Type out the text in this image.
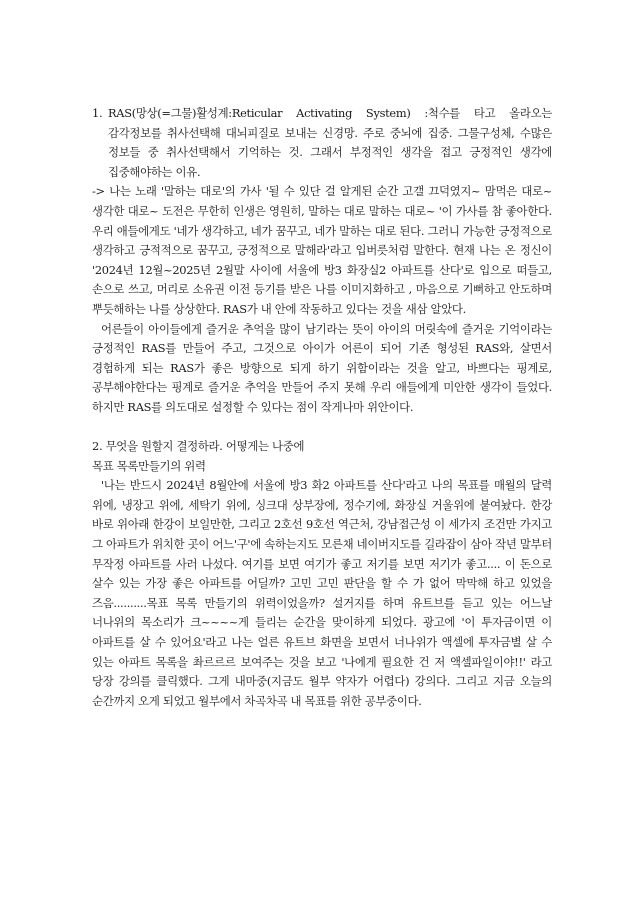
1. RAS(망상(=그물)활성계:Reticular Activating System) :척수를 타고 올라오는 감각정보를 취사선택해 대뇌피질로 보내는 신경망. 주로 중뇌에 집중. 그물구성체, 수많은 정보들 중 취사선택해서 기억하는 것. 그래서 부정적인 생각을 접고 긍정적인 생각에 집중해야하는 이유.

-> 나는 노래 '말하는 대로'의 가사 '될 수 있단 걸 알게된 순간 고갤 끄덕였지~ 맘먹은 대로~ 생각한 대로~ 도전은 무한히 인생은 영원히, 말하는 대로 말하는 대로~ '이 가사를 참 좋아한다. 우리 애들에게도 '네가 생각하고, 네가 꿈꾸고, 네가 말하는 대로 된다. 그러니 가능한 긍정적으로 생각하고 긍적적으로 꿈꾸고, 긍정적으로 말해라'라고 입버릇처럼 말한다. 현재 나는 온 정신이 '2024년 12월~2025년 2월말 사이에 서울에 방3 화장실2 아파트를 산다'로 입으로 떠들고, 손으로 쓰고, 머리로 소유권 이전 등기를 받은 나를 이미지화하고 , 마음으로 기뻐하고 안도하며 뿌듯해하는 나를 상상한다. RAS가 내 안에 작동하고 있다는 것을 새삼 알았다.

어른들이 아이들에게 즐거운 추억을 많이 남기라는 뜻이 아이의 머릿속에 즐거운 기억이라는 긍정적인 RAS를 만들어 주고, 그것으로 아이가 어른이 되어 기존 형성된 RAS와, 살면서 경험하게 되는 RAS가 좋은 방향으로 되게 하기 위함이라는 것을 알고, 바쁘다는 핑계로, 공부해야한다는 핑계로 즐거운 추억을 만들어 주지 못해 우리 애들에게 미안한 생각이 들었다. 하지만 RAS를 의도대로 설정할 수 있다는 점이 작게나마 위안이다.

2. 무엇을 원할지 결정하라. 어떻게는 나중에

목표 목록만들기의 위력

'나는 반드시 2024년 8월안에 서울에 방3 화2 아파트를 산다'라고 나의 목표를 매월의 달력 위에, 냉장고 위에, 세탁기 위에, 싱크대 상부장에, 정수기에, 화장실 거울위에 붙여놨다. 한강 바로 위아래 한강이 보일만한, 그리고 2호선 9호선 역근처, 강남접근성 이 세가지 조건만 가지고 그 아파트가 위치한 곳이 어느'구'에 속하는지도 모른채 네이버지도를 길라잡이 삼아 작년 말부터 무작정 아파트를 사러 나섰다. 여기를 보면 여기가 좋고 저기를 보면 저기가 좋고.... 이 돈으로 살수 있는 가장 좋은 아파트를 어딜까? 고민 고민 판단을 할 수 가 없어 막막해 하고 있었을 즈음..........목표 목록 만들기의 위력이었을까? 설거지를 하며 유트브를 듣고 있는 어느날 너나위의 목소리가 크~~~~게 들리는 순간을 맞이하게 되었다. 광고에 '이 투자금이면 이 아파트를 살 수 있어요'라고 나는 얼른 유트브 화면을 보면서 너나위가 액셀에 투자금별 살 수 있는 아파트 목록을 촤르르르 보여주는 것을 보고 '나에게 필요한 건 저 액셀파일이야!!' 라고 당장 강의를 클릭했다. 그게 내마중(지금도 월부 약자가 어렵다) 강의다. 그리고 지금 오늘의 순간까지 오게 되었고 월부에서 차곡차곡 내 목표를 위한 공부중이다.
